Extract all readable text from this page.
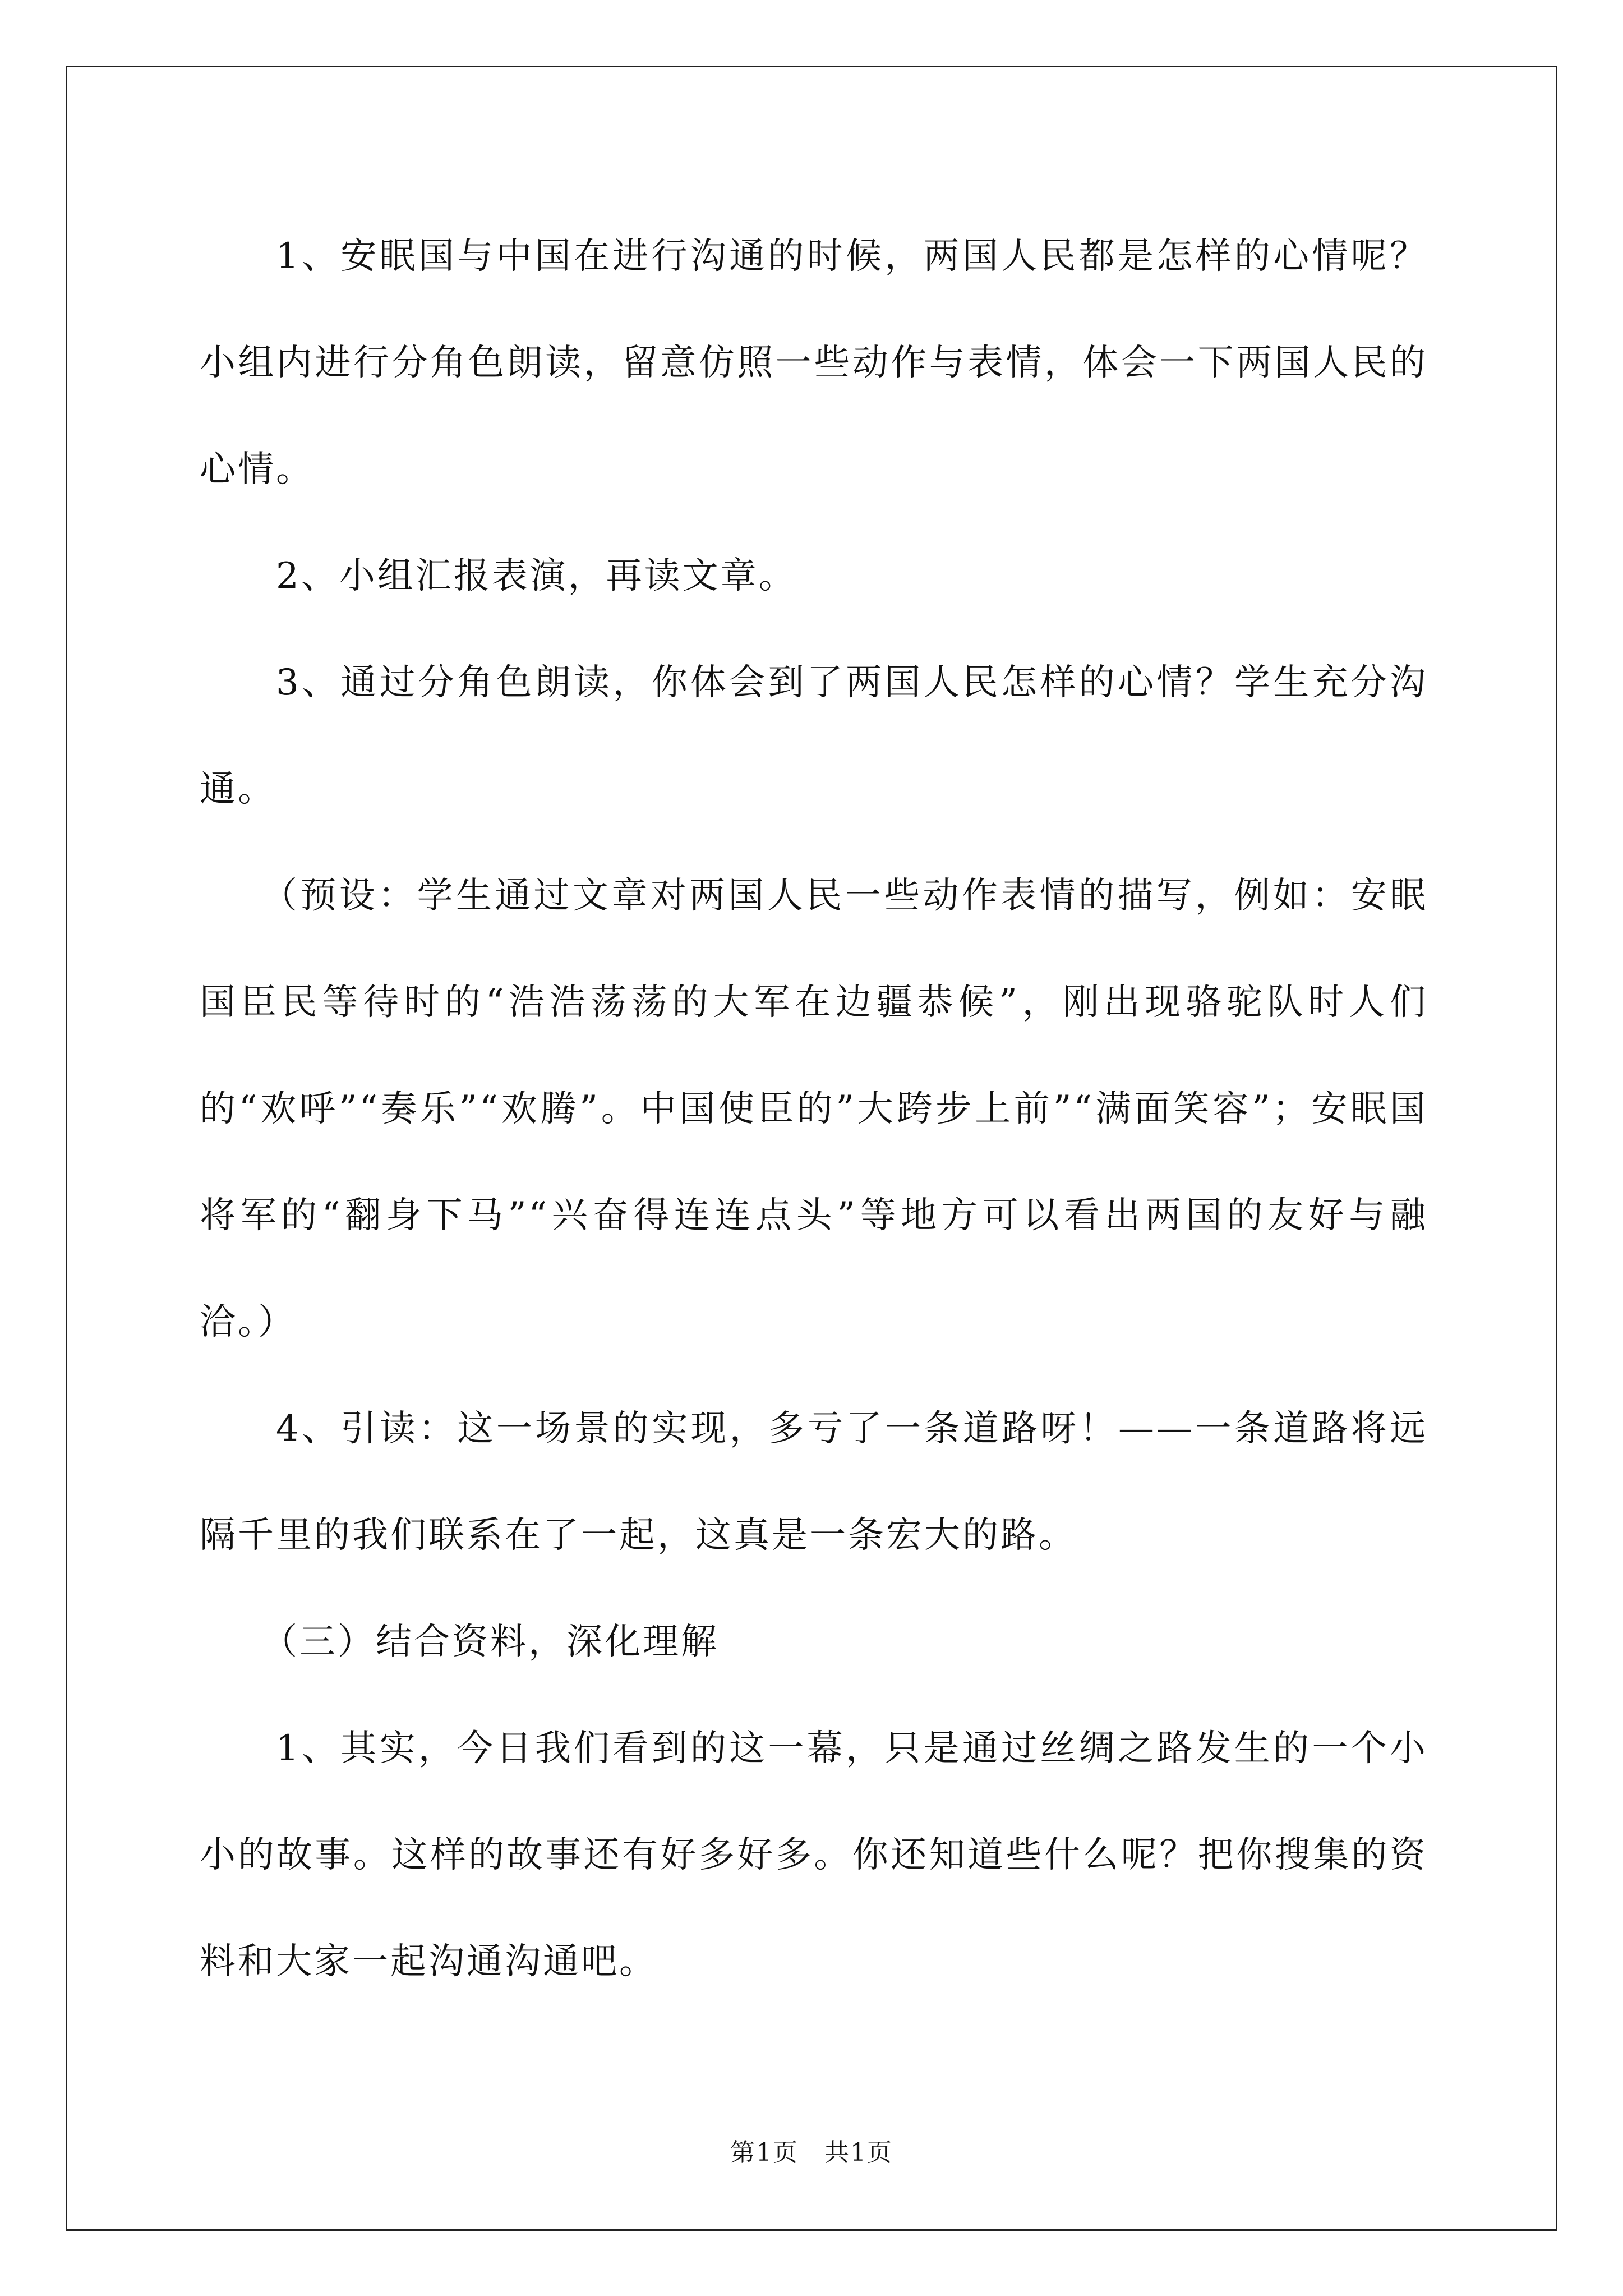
1、安眠国与中国在进行沟通的时候，两国人民都是怎样的心情呢？小组内进行分角色朗读，留意仿照一些动作与表情，体会一下两国人民的心情。

2、小组汇报表演，再读文章。

3、通过分角色朗读，你体会到了两国人民怎样的心情？学生充分沟通。

（预设：学生通过文章对两国人民一些动作表情的描写，例如：安眠国臣民等待时的“浩浩荡荡的大军在边疆恭候”，刚出现骆驼队时人们的“欢呼”“奏乐”“欢腾”。中国使臣的”大跨步上前”“满面笑容”；安眠国将军的“翻身下马”“兴奋得连连点头”等地方可以看出两国的友好与融洽。）

4、引读：这一场景的实现，多亏了一条道路呀！——一条道路将远隔千里的我们联系在了一起，这真是一条宏大的路。

（三）结合资料，深化理解

1、其实，今日我们看到的这一幕，只是通过丝绸之路发生的一个小小的故事。这样的故事还有好多好多。你还知道些什么呢？把你搜集的资料和大家一起沟通沟通吧。

第1页　共1页
